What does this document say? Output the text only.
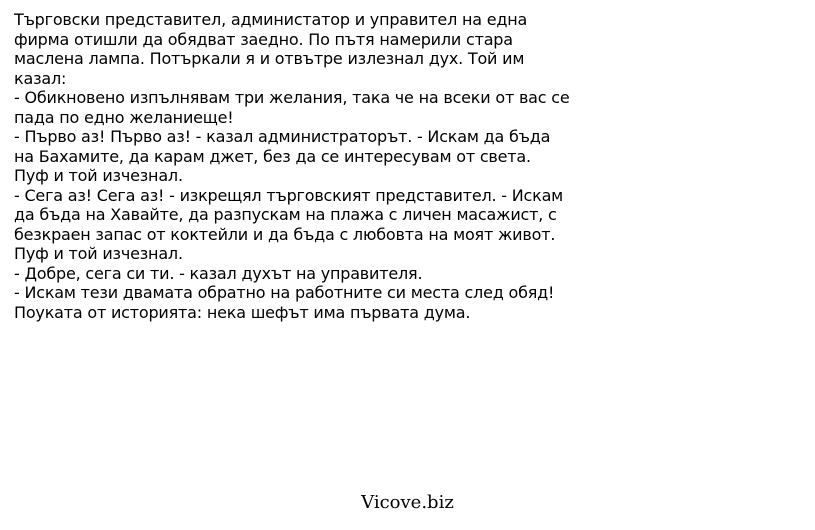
Търговски представител, администатор и управител на една фирма отишли да обядват заедно. По пътя намерили стара маслена лампа. Потъркали я и отвътре излезнал дух. Той им казал:
- Обикновено изпълнявам три желания, така че на всеки от вас се пада по едно желаниеще!
- Първо аз! Първо аз! - казал администраторът. - Искам да бъда на Бахамите, да карам джет, без да се интересувам от света.
Пуф и той изчезнал.
- Сега аз! Сега аз! - изкрещял търговският представител. - Искам да бъда на Хавайте, да разпускам на плажа с личен масажист, с безкраен запас от коктейли и да бъда с любовта на моят живот.
Пуф и той изчезнал.
- Добре, сега си ти. - казал духът на управителя.
- Искам тези двамата обратно на работните си места след обяд!
Поуката от историята: нека шефът има първата дума.
Vicove.biz
